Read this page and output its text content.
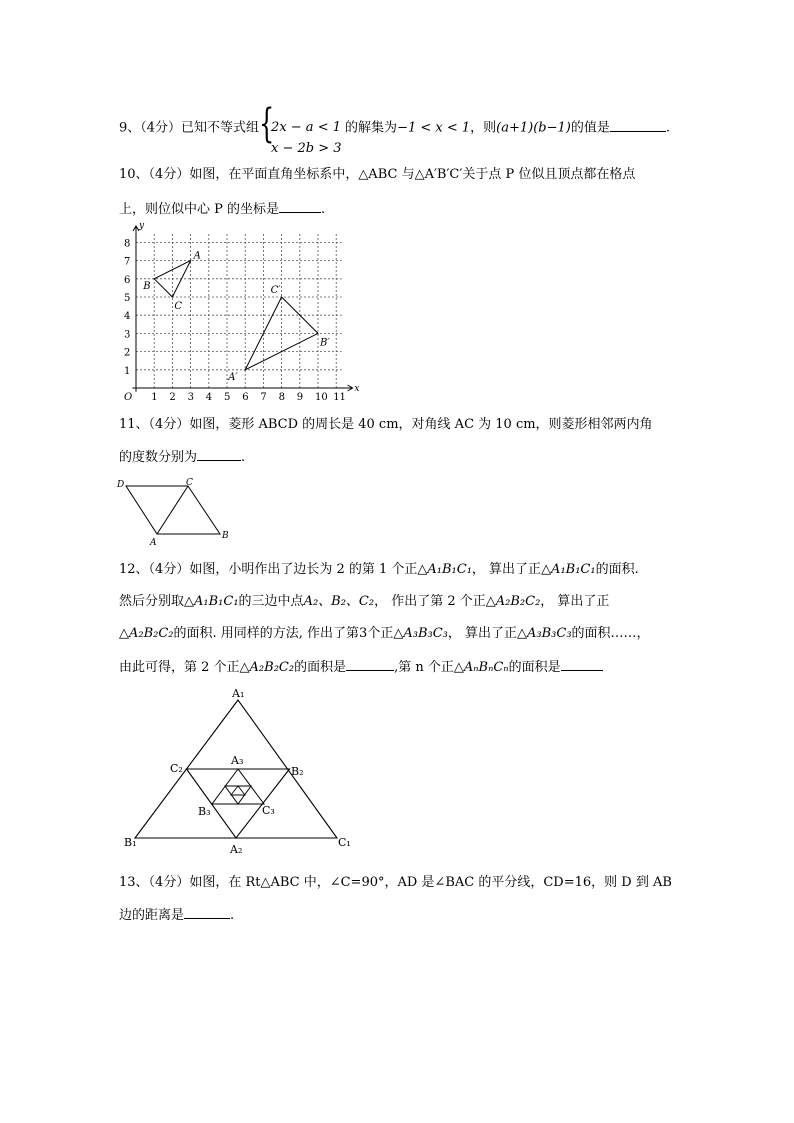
9、（4分）已知不等式组 {
2x − a < 1
x − 2b > 3
的解集为−1 < x < 1，则(a+1)(b−1)的值是	.
10、（4分）如图，在平面直角坐标系中，△ABC 与△A′B′C′关于点 P 位似且顶点都在格点
上，则位似中心 P 的坐标是	.
x
y
O 1 2 3 4 5 6 7 8 9 10 11
1
2
3
4
5
6
7
8
A
B
C
A′
B′
C′
11、（4分）如图，菱形 ABCD 的周长是 40 cm，对角线 AC 为 10 cm，则菱形相邻两内角
的度数分别为	.
D	C
A
B
12、（4分）如图，小明作出了边长为 2 的第 1 个正△A₁B₁C₁， 算出了正△A₁B₁C₁的面积.
然后分别取△A₁B₁C₁的三边中点A₂、B₂、C₂， 作出了第 2 个正△A₂B₂C₂， 算出了正
△A₂B₂C₂的面积. 用同样的方法, 作出了第3个正△A₃B₃C₃， 算出了正△A₃B₃C₃的面积……，
由此可得，第 2 个正△A₂B₂C₂的面积是	,第 n 个正△AₙBₙCₙ的面积是
A₁
B₁	C₁
A₂
B₂
C₂
A₃
B₃	C₃
13、（4分）如图，在 Rt△ABC 中，∠C=90°，AD 是∠BAC 的平分线，CD=16，则 D 到 AB
边的距离是	.
